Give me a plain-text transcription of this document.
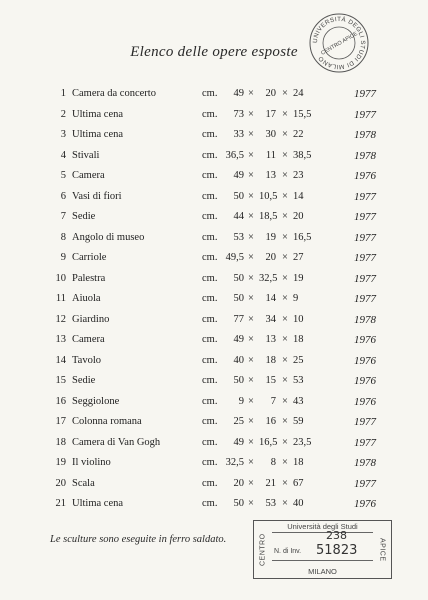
Elenco delle opere esposte
UNIVERSITÀ DEGLI STUDI DI MILANO
CENTRO APICE
1 Camera da concerto	cm.	49 ×	20 × 24	1977
2 Ultima cena	cm.	73 ×	17 × 15,5	1977
3 Ultima cena	cm.	33 ×	30 × 22	1978
4 Stivali	cm. 36,5 ×	11 × 38,5	1978
5 Camera	cm.	49 ×	13 × 23	1976
6 Vasi di fiori	cm.	50 × 10,5 × 14	1977
7 Sedie	cm.	44 × 18,5 × 20	1977
8 Angolo di museo	cm.	53 ×	19 × 16,5	1977
9 Carriole	cm. 49,5 ×	20 × 27	1977
10 Palestra	cm.	50 × 32,5 × 19	1977
11 Aiuola	cm.	50 ×	14 × 9	1977
12 Giardino	cm.	77 ×	34 × 10	1978
13 Camera	cm.	49 ×	13 × 18	1976
14 Tavolo	cm.	40 ×	18 × 25	1976
15 Sedie	cm.	50 ×	15 × 53	1976
16 Seggiolone	cm.	9 ×	7 × 43	1976
17 Colonna romana	cm.	25 ×	16 × 59	1977
18 Camera di Van Gogh	cm.	49 × 16,5 × 23,5	1977
19 Il violino	cm. 32,5 ×	8 × 18	1978
20 Scala	cm.	20 ×	21 × 67	1977
21 Ultima cena	cm.	50 ×	53 × 40	1976
Le sculture sono eseguite in ferro saldato.
Università degli Studi
CENTRO	APICE
238
N. di Inv. 51823
MILANO
